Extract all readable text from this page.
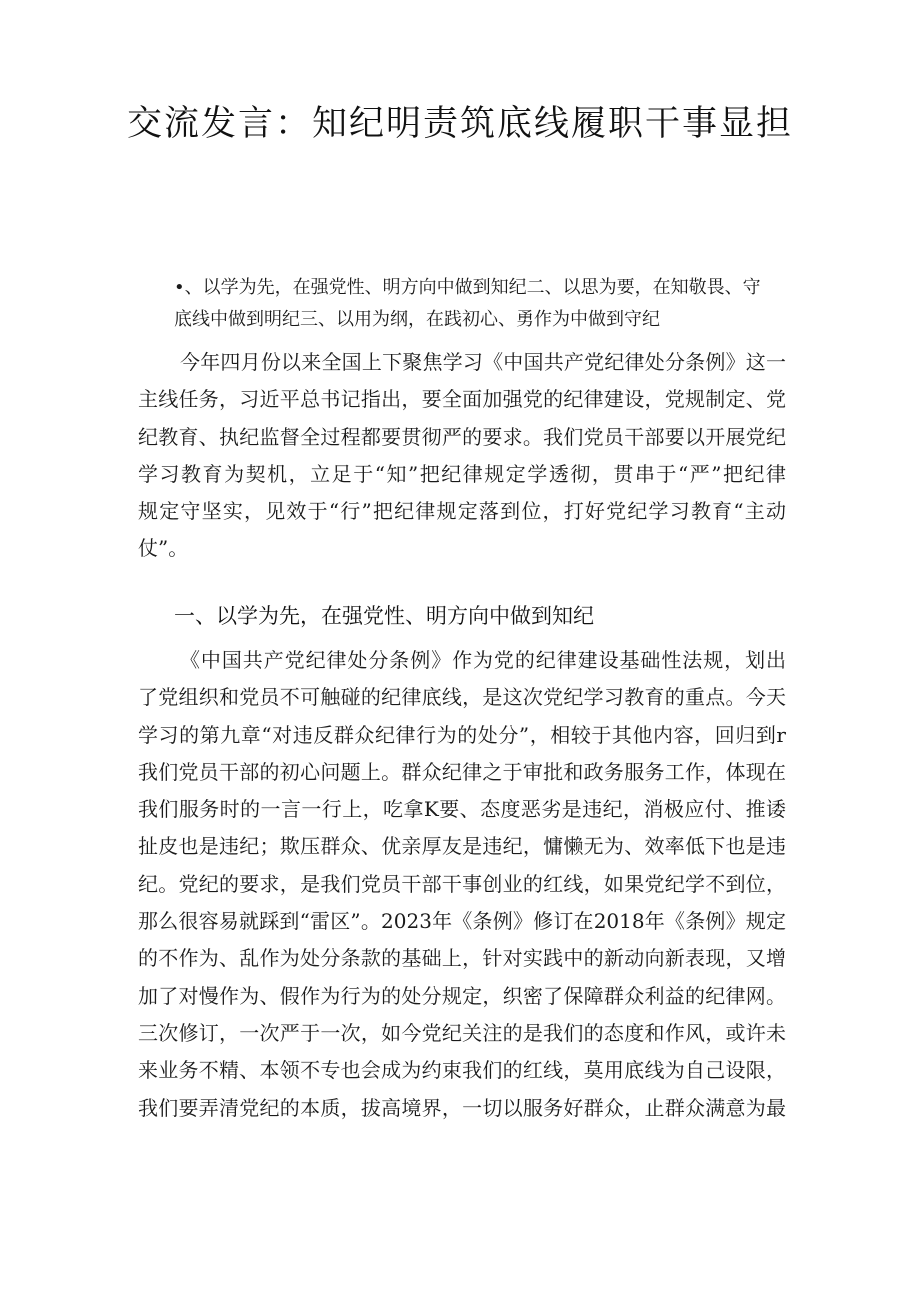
交流发言：知纪明责筑底线履职干事显担
•、以学为先，在强党性、明方向中做到知纪二、以思为要，在知敬畏、守
底线中做到明纪三、以用为纲，在践初心、勇作为中做到守纪
今年四月份以来全国上下聚焦学习《中国共产党纪律处分条例》这一
主线任务，习近平总书记指出，要全面加强党的纪律建设，党规制定、党
纪教育、执纪监督全过程都要贯彻严的要求。我们党员干部要以开展党纪
学习教育为契机，立足于“知”把纪律规定学透彻，贯串于“严”把纪律
规定守坚实，见效于“行”把纪律规定落到位，打好党纪学习教育“主动
仗”。
一、以学为先，在强党性、明方向中做到知纪
《中国共产党纪律处分条例》作为党的纪律建设基础性法规，划出
了党组织和党员不可触碰的纪律底线，是这次党纪学习教育的重点。今天
学习的第九章“对违反群众纪律行为的处分”，相较于其他内容，回归到r
我们党员干部的初心问题上。群众纪律之于审批和政务服务工作，体现在
我们服务时的一言一行上，吃拿K要、态度恶劣是违纪，消极应付、推诿
扯皮也是违纪；欺压群众、优亲厚友是违纪，慵懒无为、效率低下也是违
纪。党纪的要求，是我们党员干部干事创业的红线，如果党纪学不到位，
那么很容易就踩到“雷区”。2023年《条例》修订在2018年《条例》规定
的不作为、乱作为处分条款的基础上，针对实践中的新动向新表现，又增
加了对慢作为、假作为行为的处分规定，织密了保障群众利益的纪律网。
三次修订，一次严于一次，如今党纪关注的是我们的态度和作风，或许未
来业务不精、本领不专也会成为约束我们的红线，莫用底线为自己设限，
我们要弄清党纪的本质，拔高境界，一切以服务好群众，止群众满意为最
